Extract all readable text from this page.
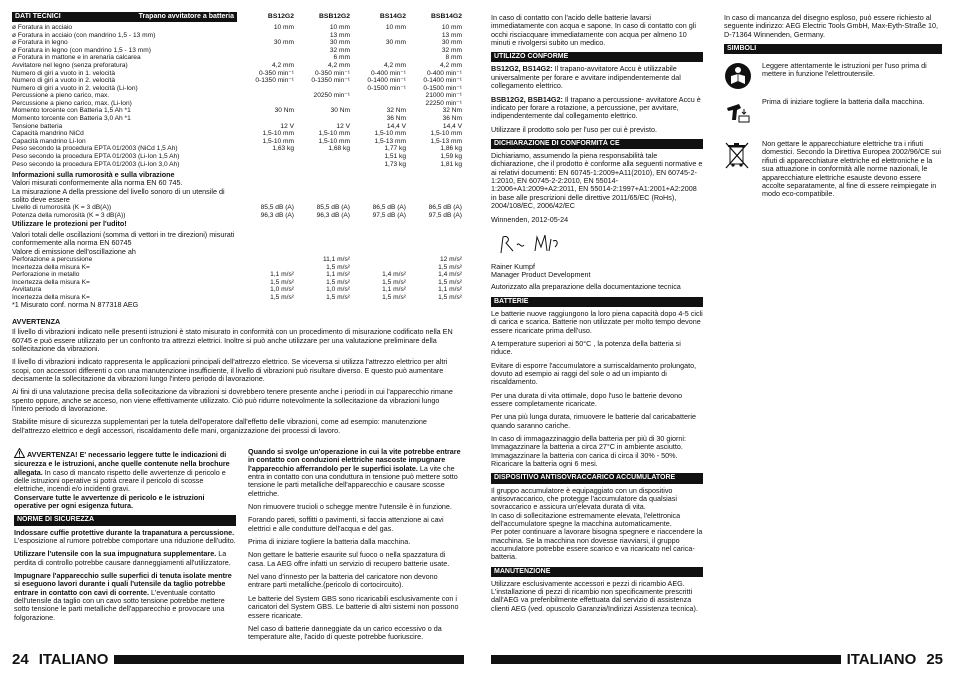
DATI TECNICI	Trapano avvitatore a batteria	BS12G2	BSB12G2	BS14G2	BSB14G2
ø Foratura in acciaio	10 mm	10 mm	10 mm	10 mm
ø Foratura in acciaio (con mandrino 1,5 - 13 mm)		13 mm		13 mm
ø Foratura in legno	30 mm	30 mm	30 mm	30 mm
ø Foratura in legno (con mandrino 1,5 - 13 mm)		32 mm		32 mm
ø Foratura in mattone e in arenaria calcarea		6 mm		8 mm
Avvitatore nel legno (senza preforatura)	4,2 mm	4,2 mm	4,2 mm	4,2 mm
Numero di giri a vuoto in 1. velocità	0-350 min⁻¹	0-350 min⁻¹	0-400 min⁻¹	0-400 min⁻¹
Numero di giri a vuoto in 2. velocità	0-1350 min⁻¹	0-1350 min⁻¹	0-1400 min⁻¹	0-1400 min⁻¹
Numero di giri a vuoto in 2. velocità (Li-Ion)			0-1500 min⁻¹	0-1500 min⁻¹
Percussione a pieno carico, max.		20250 min⁻¹		21000 min⁻¹
Percussione a pieno carico, max. (Li-Ion)				22250 min⁻¹
Momento torcente con Batteria 1,5 Ah *1	30 Nm	30 Nm	32 Nm	32 Nm
Momento torcente con Batteria 3,0 Ah *1			36 Nm	36 Nm
Tensione batteria	12 V	12 V	14,4 V	14,4 V
Capacità mandrino NiCd	1,5-10 mm	1,5-10 mm	1,5-10 mm	1,5-10 mm
Capacità mandrino Li-Ion	1,5-10 mm	1,5-10 mm	1,5-13 mm	1,5-13 mm
Peso secondo la procedura EPTA 01/2003 (NiCd 1,5 Ah)	1,63 kg	1,68 kg	1,77 kg	1,86 kg
Peso secondo la procedura EPTA 01/2003 (Li-Ion 1,5 Ah)			1,51 kg	1,59 kg
Peso secondo la procedura EPTA 01/2003 (Li-Ion 3,0 Ah)			1,73 kg	1,81 kg
Informazioni sulla rumorosità e sulla vibrazione
Valori misurati conformemente alla norma EN 60 745.
La misurazione A della pressione del livello sonoro di un utensile di solito deve essere
Livello di rumorosità (K = 3 dB(A))	85,5 dB (A)	85,5 dB (A)	86,5 dB (A)	86,5 dB (A)
Potenza della rumorosità (K = 3 dB(A))	96,3 dB (A)	96,3 dB (A)	97,5 dB (A)	97,5 dB (A)
Utilizzare le protezioni per l'udito!
Valori totali delle oscillazioni (somma di vettori in tre direzioni) misurati conformemente alla norma EN 60745
Valore di emissione dell'oscillazione ah
Perforazione a percussione		11,1 m/s²		12 m/s²
Incertezza della misura K=		1,5 m/s²		1,5 m/s²
Perforazione in metallo	1,1 m/s²	1,1 m/s²	1,4 m/s²	1,4 m/s²
Incertezza della misura K=	1,5 m/s²	1,5 m/s²	1,5 m/s²	1,5 m/s²
Avvitatura	1,0 m/s²	1,0 m/s²	1,1 m/s²	1,1 m/s²
Incertezza della misura K=	1,5 m/s²	1,5 m/s²	1,5 m/s²	1,5 m/s²
*1 Misurato conf. norma N 877318 AEG
AVVERTENZA
Il livello di vibrazioni indicato nelle presenti istruzioni è stato misurato in conformità con un procedimento di misurazione codificato nella EN 60745 e può essere utilizzato per un confronto tra attrezzi elettrici. Inoltre si può anche utilizzare per una valutazione preliminare della sollecitazione da vibrazioni.
Il livello di vibrazioni indicato rappresenta le applicazioni principali dell'attrezzo elettrico. Se viceversa si utilizza l'attrezzo elettrico per altri scopi, con accessori differenti o con una manutenzione insufficiente, il livello di vibrazioni può risultare diverso. E questo può aumentare decisamente la sollecitazione da vibrazioni lungo l'intero periodo di lavorazione.
Ai fini di una valutazione precisa della sollecitazione da vibrazioni si dovrebbero tenere presente anche i periodi in cui l'apparecchio rimane spento oppure, anche se acceso, non viene effettivamente utilizzato. Ciò può ridurre notevolmente la sollecitazione da vibrazioni lungo l'intero periodo di lavorazione.
Stabilite misure di sicurezza supplementari per la tutela dell'operatore dall'effetto delle vibrazioni, come ad esempio: manutenzione dell'attrezzo elettrico e degli accessori, riscaldamento delle mani, organizzazione dei processi di lavoro.
AVVERTENZA! E' necessario leggere tutte le indicazioni di sicurezza e le istruzioni, anche quelle contenute nella brochure allegata. In caso di mancato rispetto delle avvertenze di pericolo e delle istruzioni operative si potrà creare il pericolo di scosse elettriche, incendi e/o incidenti gravi.
Conservare tutte le avvertenze di pericolo e le istruzioni operative per ogni esigenza futura.
NORME DI SICUREZZA
Indossare cuffie protettive durante la trapanatura a percussione. L'esposizione al rumore potrebbe comportare una riduzione dell'udito.
Utilizzare l'utensile con la sua impugnatura supplementare. La perdita di controllo potrebbe causare danneggiamenti all'utilizzatore.
Impugnare l'apparecchio sulle superfici di tenuta isolate mentre si eseguono lavori durante i quali l'utensile da taglio potrebbe entrare in contatto con cavi di corrente. L'eventuale contatto dell'utensile da taglio con un cavo sotto tensione potrebbe mettere sotto tensione le parti metalliche dell'apparecchio e provocare una folgorazione.
Quando si svolge un'operazione in cui la vite potrebbe entrare in contatto con conduzioni elettriche nascoste impugnare l'apparecchio afferrandolo per le superfici isolate. La vite che entra in contatto con una conduttura in tensione può mettere sotto tensione le parti metalliche dell'apparecchio e causare scosse elettriche.
Non rimuovere trucioli o schegge mentre l'utensile è in funzione.
Forando pareti, soffitti o pavimenti, si faccia attenzione ai cavi elettrici e alle condutture dell'acqua e del gas.
Prima di iniziare togliere la batteria dalla macchina.
Non gettare le batterie esaurite sul fuoco o nella spazzatura di casa. La AEG offre infatti un servizio di recupero batterie usate.
Nel vano d'innesto per la batteria del caricatore non devono entrare parti metalliche.(pericolo di cortocircuito).
Le batterie del System GBS sono ricaricabili esclusivamente con i caricatori del System GBS. Le batterie di altri sistemi non possono essere ricaricate.
Nel caso di batterie danneggiate da un carico eccessivo o da temperature alte, l'acido di queste potrebbe fuoriuscire.
24 ITALIANO
In caso di contatto con l'acido delle batterie lavarsi immediatamente con acqua e sapone. In caso di contatto con gli occhi risciacquare immediatamente con acqua per almeno 10 minuti e rivolgersi subito un medico.
UTILIZZO CONFORME
BS12G2, BS14G2: Il trapano-avvitatore Accu è utilizzabile universalmente per forare e avvitare indipendentemente dal collegamento elettrico.
BSB12G2, BSB14G2: Il trapano a percussione- avvitatore Accu è indicato per forare a rotazione, a percussione, per avvitare, indipendentemente dal collegamento elettrico.
Utilizzare il prodotto solo per l'uso per cui è previsto.
DICHIARAZIONE DI CONFORMITÀ CE
Dichiariamo, assumendo la piena responsabilità tale dichiarazione, che il prodotto è conforme alla seguenti normative e ai relativi documenti: EN 60745-1:2009+A11(2010), EN 60745-2-1:2010, EN 60745-2-2:2010, EN 55014-1:2006+A1:2009+A2:2011, EN 55014-2:1997+A1:2001+A2:2008 in base alle prescrizioni delle direttive 2011/65/EC (RoHs), 2004/108/EC, 2006/42/EC
Winnenden, 2012-05-24
Rainer Kumpf
Manager Product Development
Autorizzato alla preparazione della documentazione tecnica
BATTERIE
Le batterie nuove raggiungono la loro piena capacità dopo 4-5 cicli di carica e scarica. Batterie non utilizzate per molto tempo devone essere ricaricate prima dell'uso.
A temperature superiori ai 50°C , la potenza della batteria si riduce.
Evitare di esporre l'accumulatore a surriscaldamento prolungato, dovuto ad esempio ai raggi del sole o ad un impianto di riscaldamento.
Per una durata di vita ottimale, dopo l'uso le batterie devono essere completamente ricaricate.
Per una più lunga durata, rimuovere le batterie dal caricabatterie quando saranno cariche.
In caso di immagazzinaggio della batteria per più di 30 giorni:
Immagazzinare la batteria a circa 27°C in ambiente asciutto.
Immagazzinare la batteria con carica di circa il 30% - 50%.
Ricaricare la batteria ogni 6 mesi.
DISPOSITIVO ANTISOVRACCARICO ACCUMULATORE
Il gruppo accumulatore è equipaggiato con un dispositivo antisovraccarico, che protegge l'accumulatore da qualsiasi sovraccarico e assicura un'elevata durata di vita.
In caso di sollecitazione estremamente elevata, l'elettronica dell'accumulatore spegne la macchina automaticamente.
Per poter continuare a lavorare bisogna spegnere e riaccendere la macchina. Se la macchina non dovesse riavviarsi, il gruppo accumulatore potrebbe essere scarico e va ricaricato nel carica-batteria.
MANUTENZIONE
Utilizzare esclusivamente accessori e pezzi di ricambio AEG. L'installazione di pezzi di ricambio non specificamente prescritti dall'AEG va preferibilmente effettuata dal servizio di assistenza clienti AEG (ved. opuscolo Garanzia/Indirizzi Assistenza tecnica).
In caso di mancanza del disegno esploso, può essere richiesto al seguente indirizzo: AEG Electric Tools GmbH, Max-Eyth-Straße 10, D-71364 Winnenden, Germany.
SIMBOLI
Leggere attentamente le istruzioni per l'uso prima di mettere in funzione l'elettroutensile.
Prima di iniziare togliere la batteria dalla macchina.
Non gettare le apparecchiature elettriche tra i rifiuti domestici. Secondo la Direttiva Europea 2002/96/CE sui rifiuti di apparecchiature elettriche ed elettroniche e la sua attuazione in conformità alle norme nazionali, le apparecchiature elettriche esauste devono essere accolte separatamente, al fine di essere reimpiegate in modo eco-compatibile.
ITALIANO 25
